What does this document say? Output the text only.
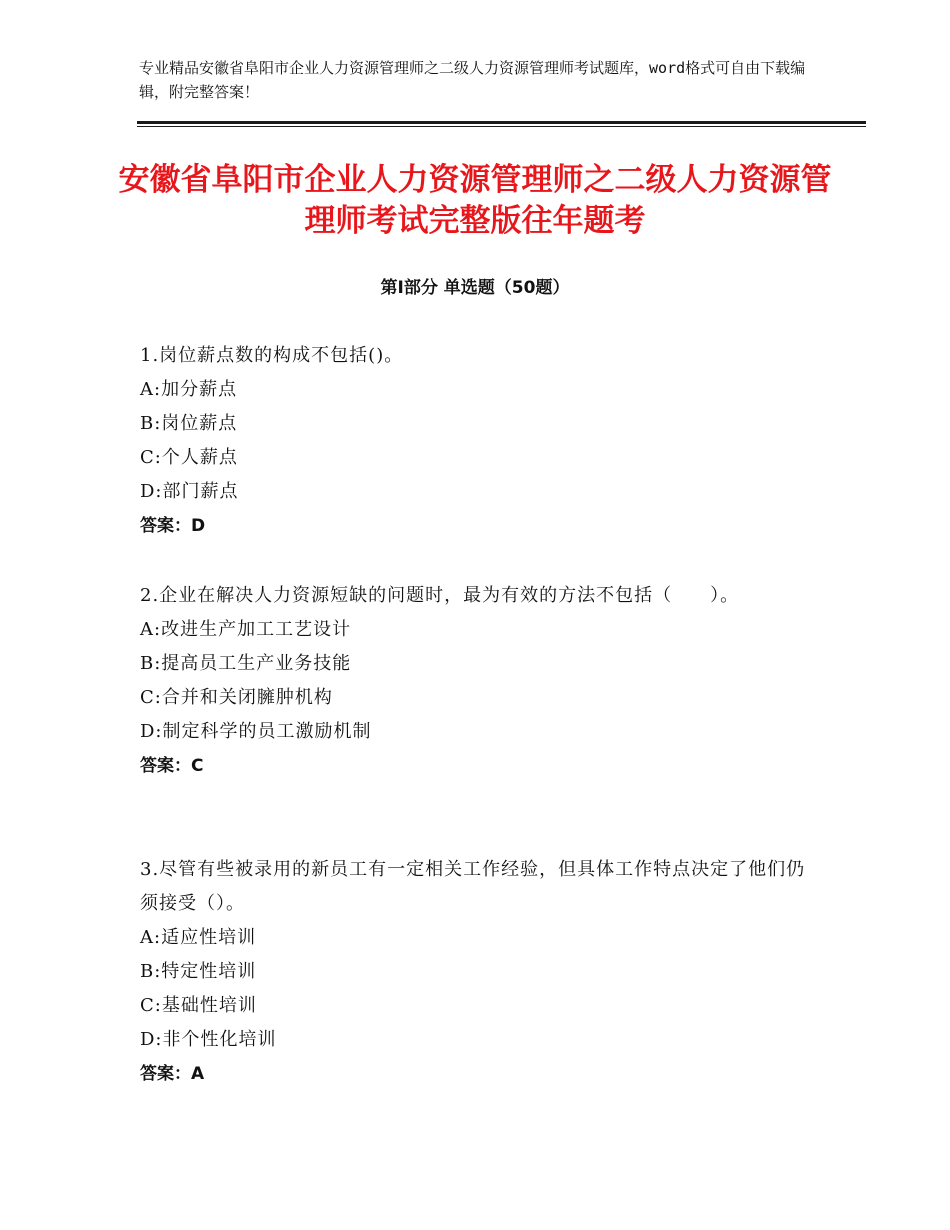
专业精品安徽省阜阳市企业人力资源管理师之二级人力资源管理师考试题库，word格式可自由下载编辑，附完整答案！
安徽省阜阳市企业人力资源管理师之二级人力资源管理师考试完整版往年题考
第Ⅰ部分 单选题（50题）

1.岗位薪点数的构成不包括()。

A:加分薪点

B:岗位薪点

C:个人薪点

D:部门薪点

答案：D

2.企业在解决人力资源短缺的问题时，最为有效的方法不包括（　　）。

A:改进生产加工工艺设计

B:提高员工生产业务技能

C:合并和关闭臃肿机构

D:制定科学的员工激励机制

答案：C

3.尽管有些被录用的新员工有一定相关工作经验，但具体工作特点决定了他们仍须接受（）。

A:适应性培训

B:特定性培训

C:基础性培训

D:非个性化培训

答案：A
